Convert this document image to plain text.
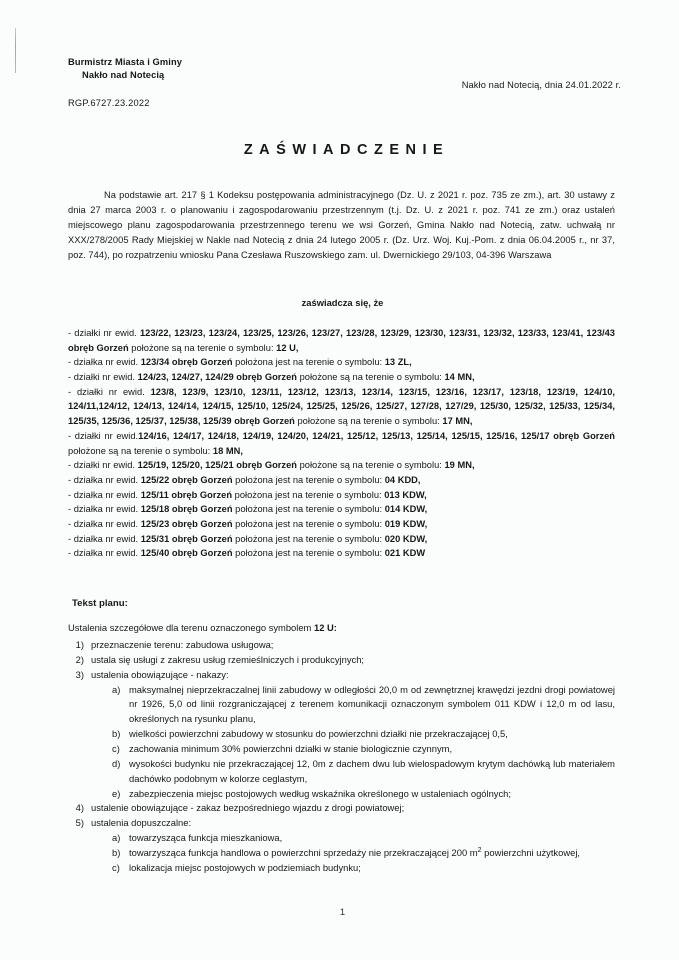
Burmistrz Miasta i Gminy
Nakło nad Notecią
Nakło nad Notecią, dnia 24.01.2022 r.
RGP.6727.23.2022
ZAŚWIADCZENIE
Na podstawie art. 217 § 1 Kodeksu postępowania administracyjnego (Dz. U. z 2021 r. poz. 735 ze zm.), art. 30 ustawy z dnia 27 marca 2003 r. o planowaniu i zagospodarowaniu przestrzennym (t.j. Dz. U. z 2021 r. poz. 741 ze zm.) oraz ustaleń miejscowego planu zagospodarowania przestrzennego terenu we wsi Gorzeń, Gmina Nakło nad Notecią, zatw. uchwałą nr XXX/278/2005 Rady Miejskiej w Nakle nad Notecią z dnia 24 lutego 2005 r. (Dz. Urz. Woj. Kuj.-Pom. z dnia 06.04.2005 r., nr 37, poz. 744), po rozpatrzeniu wniosku Pana Czesława Ruszowskiego zam. ul. Dwernickiego 29/103, 04-396 Warszawa
zaświadcza się, że
- działki nr ewid. 123/22, 123/23, 123/24, 123/25, 123/26, 123/27, 123/28, 123/29, 123/30, 123/31, 123/32, 123/33, 123/41, 123/43 obręb Gorzeń położone są na terenie o symbolu: 12 U,
- działka nr ewid. 123/34 obręb Gorzeń położona jest na terenie o symbolu: 13 ZL,
- działki nr ewid. 124/23, 124/27, 124/29 obręb Gorzeń położone są na terenie o symbolu: 14 MN,
- działki nr ewid. 123/8, 123/9, 123/10, 123/11, 123/12, 123/13, 123/14, 123/15, 123/16, 123/17, 123/18, 123/19, 124/10, 124/11,124/12, 124/13, 124/14, 124/15, 125/10, 125/24, 125/25, 125/26, 125/27, 127/28, 127/29, 125/30, 125/32, 125/33, 125/34, 125/35, 125/36, 125/37, 125/38, 125/39 obręb Gorzeń położone są na terenie o symbolu: 17 MN,
- działki nr ewid.124/16, 124/17, 124/18, 124/19, 124/20, 124/21, 125/12, 125/13, 125/14, 125/15, 125/16, 125/17 obręb Gorzeń położone są na terenie o symbolu: 18 MN,
- działki nr ewid. 125/19, 125/20, 125/21 obręb Gorzeń położone są na terenie o symbolu: 19 MN,
- działka nr ewid. 125/22 obręb Gorzeń położona jest na terenie o symbolu: 04 KDD,
- działka nr ewid. 125/11 obręb Gorzeń położona jest na terenie o symbolu: 013 KDW,
- działka nr ewid. 125/18 obręb Gorzeń położona jest na terenie o symbolu: 014 KDW,
- działka nr ewid. 125/23 obręb Gorzeń położona jest na terenie o symbolu: 019 KDW,
- działka nr ewid. 125/31 obręb Gorzeń położona jest na terenie o symbolu: 020 KDW,
- działka nr ewid. 125/40 obręb Gorzeń położona jest na terenie o symbolu: 021 KDW
Tekst planu:
Ustalenia szczegółowe dla terenu oznaczonego symbolem 12 U:
1) przeznaczenie terenu: zabudowa usługowa;
2) ustala się usługi z zakresu usług rzemieślniczych i produkcyjnych;
3) ustalenia obowiązujące - nakazy:
a) maksymalnej nieprzekraczalnej linii zabudowy w odległości 20,0 m od zewnętrznej krawędzi jezdni drogi powiatowej nr 1926, 5,0 od linii rozgraniczającej z terenem komunikacji oznaczonym symbolem 011 KDW i 12,0 m od lasu, określonych na rysunku planu,
b) wielkości powierzchni zabudowy w stosunku do powierzchni działki nie przekraczającej 0,5,
c) zachowania minimum 30% powierzchni działki w stanie biologicznie czynnym,
d) wysokości budynku nie przekraczającej 12, 0m z dachem dwu lub wielospadowym krytym dachówką lub materiałem dachówko podobnym w kolorze ceglastym,
e) zabezpieczenia miejsc postojowych według wskaźnika określonego w ustaleniach ogólnych;
4) ustalenie obowiązujące - zakaz bezpośredniego wjazdu z drogi powiatowej;
5) ustalenia dopuszczalne:
a) towarzysząca funkcja mieszkaniowa,
b) towarzysząca funkcja handlowa o powierzchni sprzedaży nie przekraczającej 200 $m^2$ powierzchni użytkowej,
c) lokalizacja miejsc postojowych w podziemiach budynku;
1
